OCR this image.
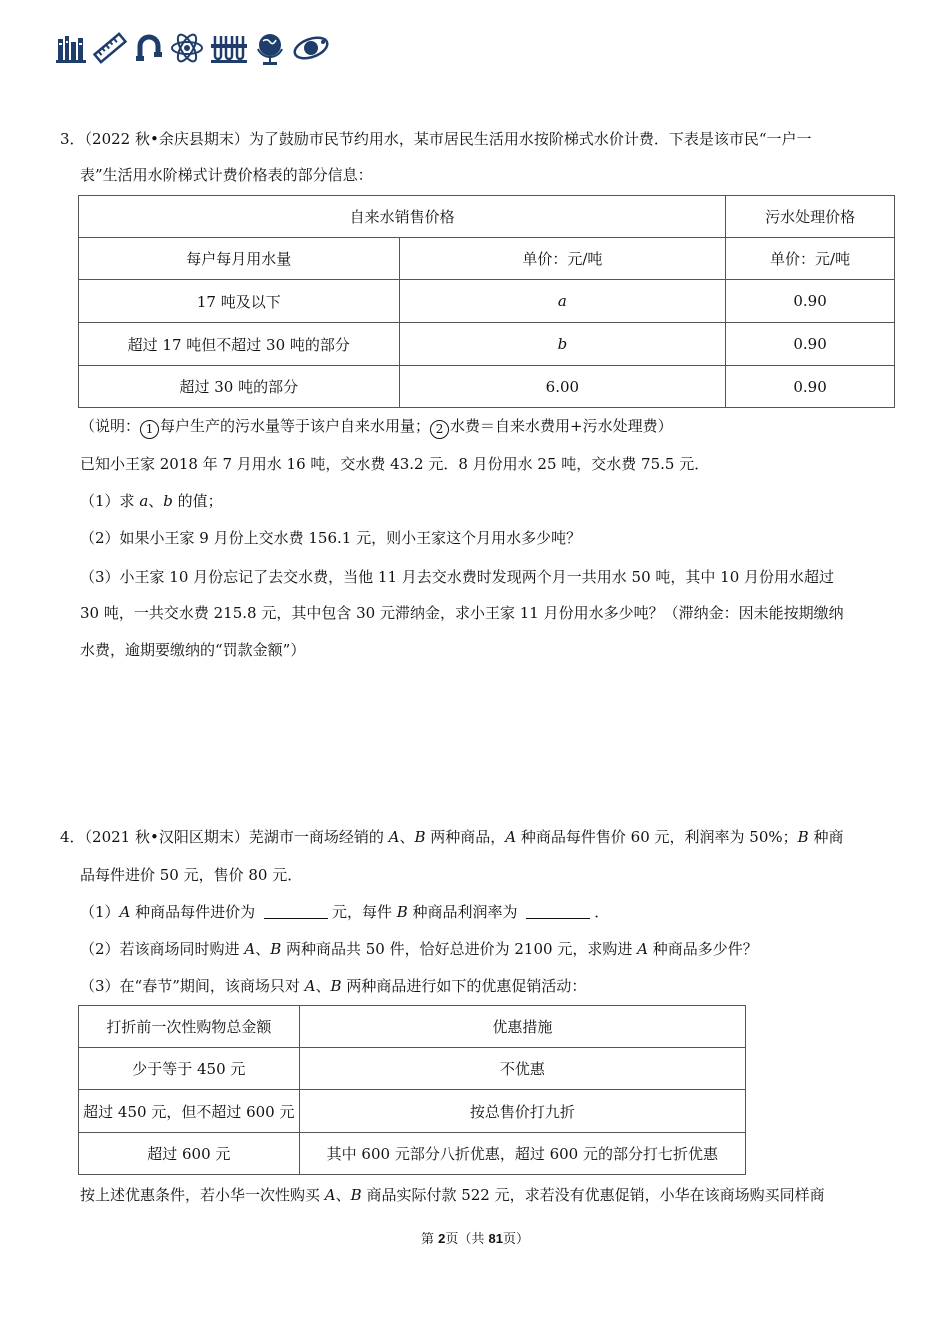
3．（2022 秋•余庆县期末）为了鼓励市民节约用水，某市居民生活用水按阶梯式水价计费．下表是该市民“一户一
表”生活用水阶梯式计费价格表的部分信息：
自来水销售价格		污水处理价格
每户每月用水量	单价：元/吨	单价：元/吨
17 吨及以下	a	0.90
超过 17 吨但不超过 30 吨的部分	b	0.90
超过 30 吨的部分	6.00	0.90
（说明： 1 每户生产的污水量等于该户自来水用量； 2 水费＝自来水费用+污水处理费）
已知小王家 2018 年 7 月用水 16 吨，交水费 43.2 元．8 月份用水 25 吨，交水费 75.5 元．
（1）求 a、b 的值；
（2）如果小王家 9 月份上交水费 156.1 元，则小王家这个月用水多少吨？
（3）小王家 10 月份忘记了去交水费，当他 11 月去交水费时发现两个月一共用水 50 吨，其中 10 月份用水超过
30 吨，一共交水费 215.8 元，其中包含 30 元滞纳金，求小王家 11 月份用水多少吨？（滞纳金：因未能按期缴纳
水费，逾期要缴纳的“罚款金额”）
4．（2021 秋•汉阳区期末）芜湖市一商场经销的 A、B 两种商品，A 种商品每件售价 60 元，利润率为 50%；B 种商
品每件进价 50 元，售价 80 元．
（1）A 种商品每件进价为	元，每件 B 种商品利润率为	．
（2）若该商场同时购进 A、B 两种商品共 50 件，恰好总进价为 2100 元，求购进 A 种商品多少件？
（3）在“春节”期间，该商场只对 A、B 两种商品进行如下的优惠促销活动：
打折前一次性购物总金额	优惠措施
少于等于 450 元	不优惠
超过 450 元，但不超过 600 元	按总售价打九折
超过 600 元	其中 600 元部分八折优惠，超过 600 元的部分打七折优惠
按上述优惠条件，若小华一次性购买 A、B 商品实际付款 522 元，求若没有优惠促销，小华在该商场购买同样商
第 2页（共 81页）
